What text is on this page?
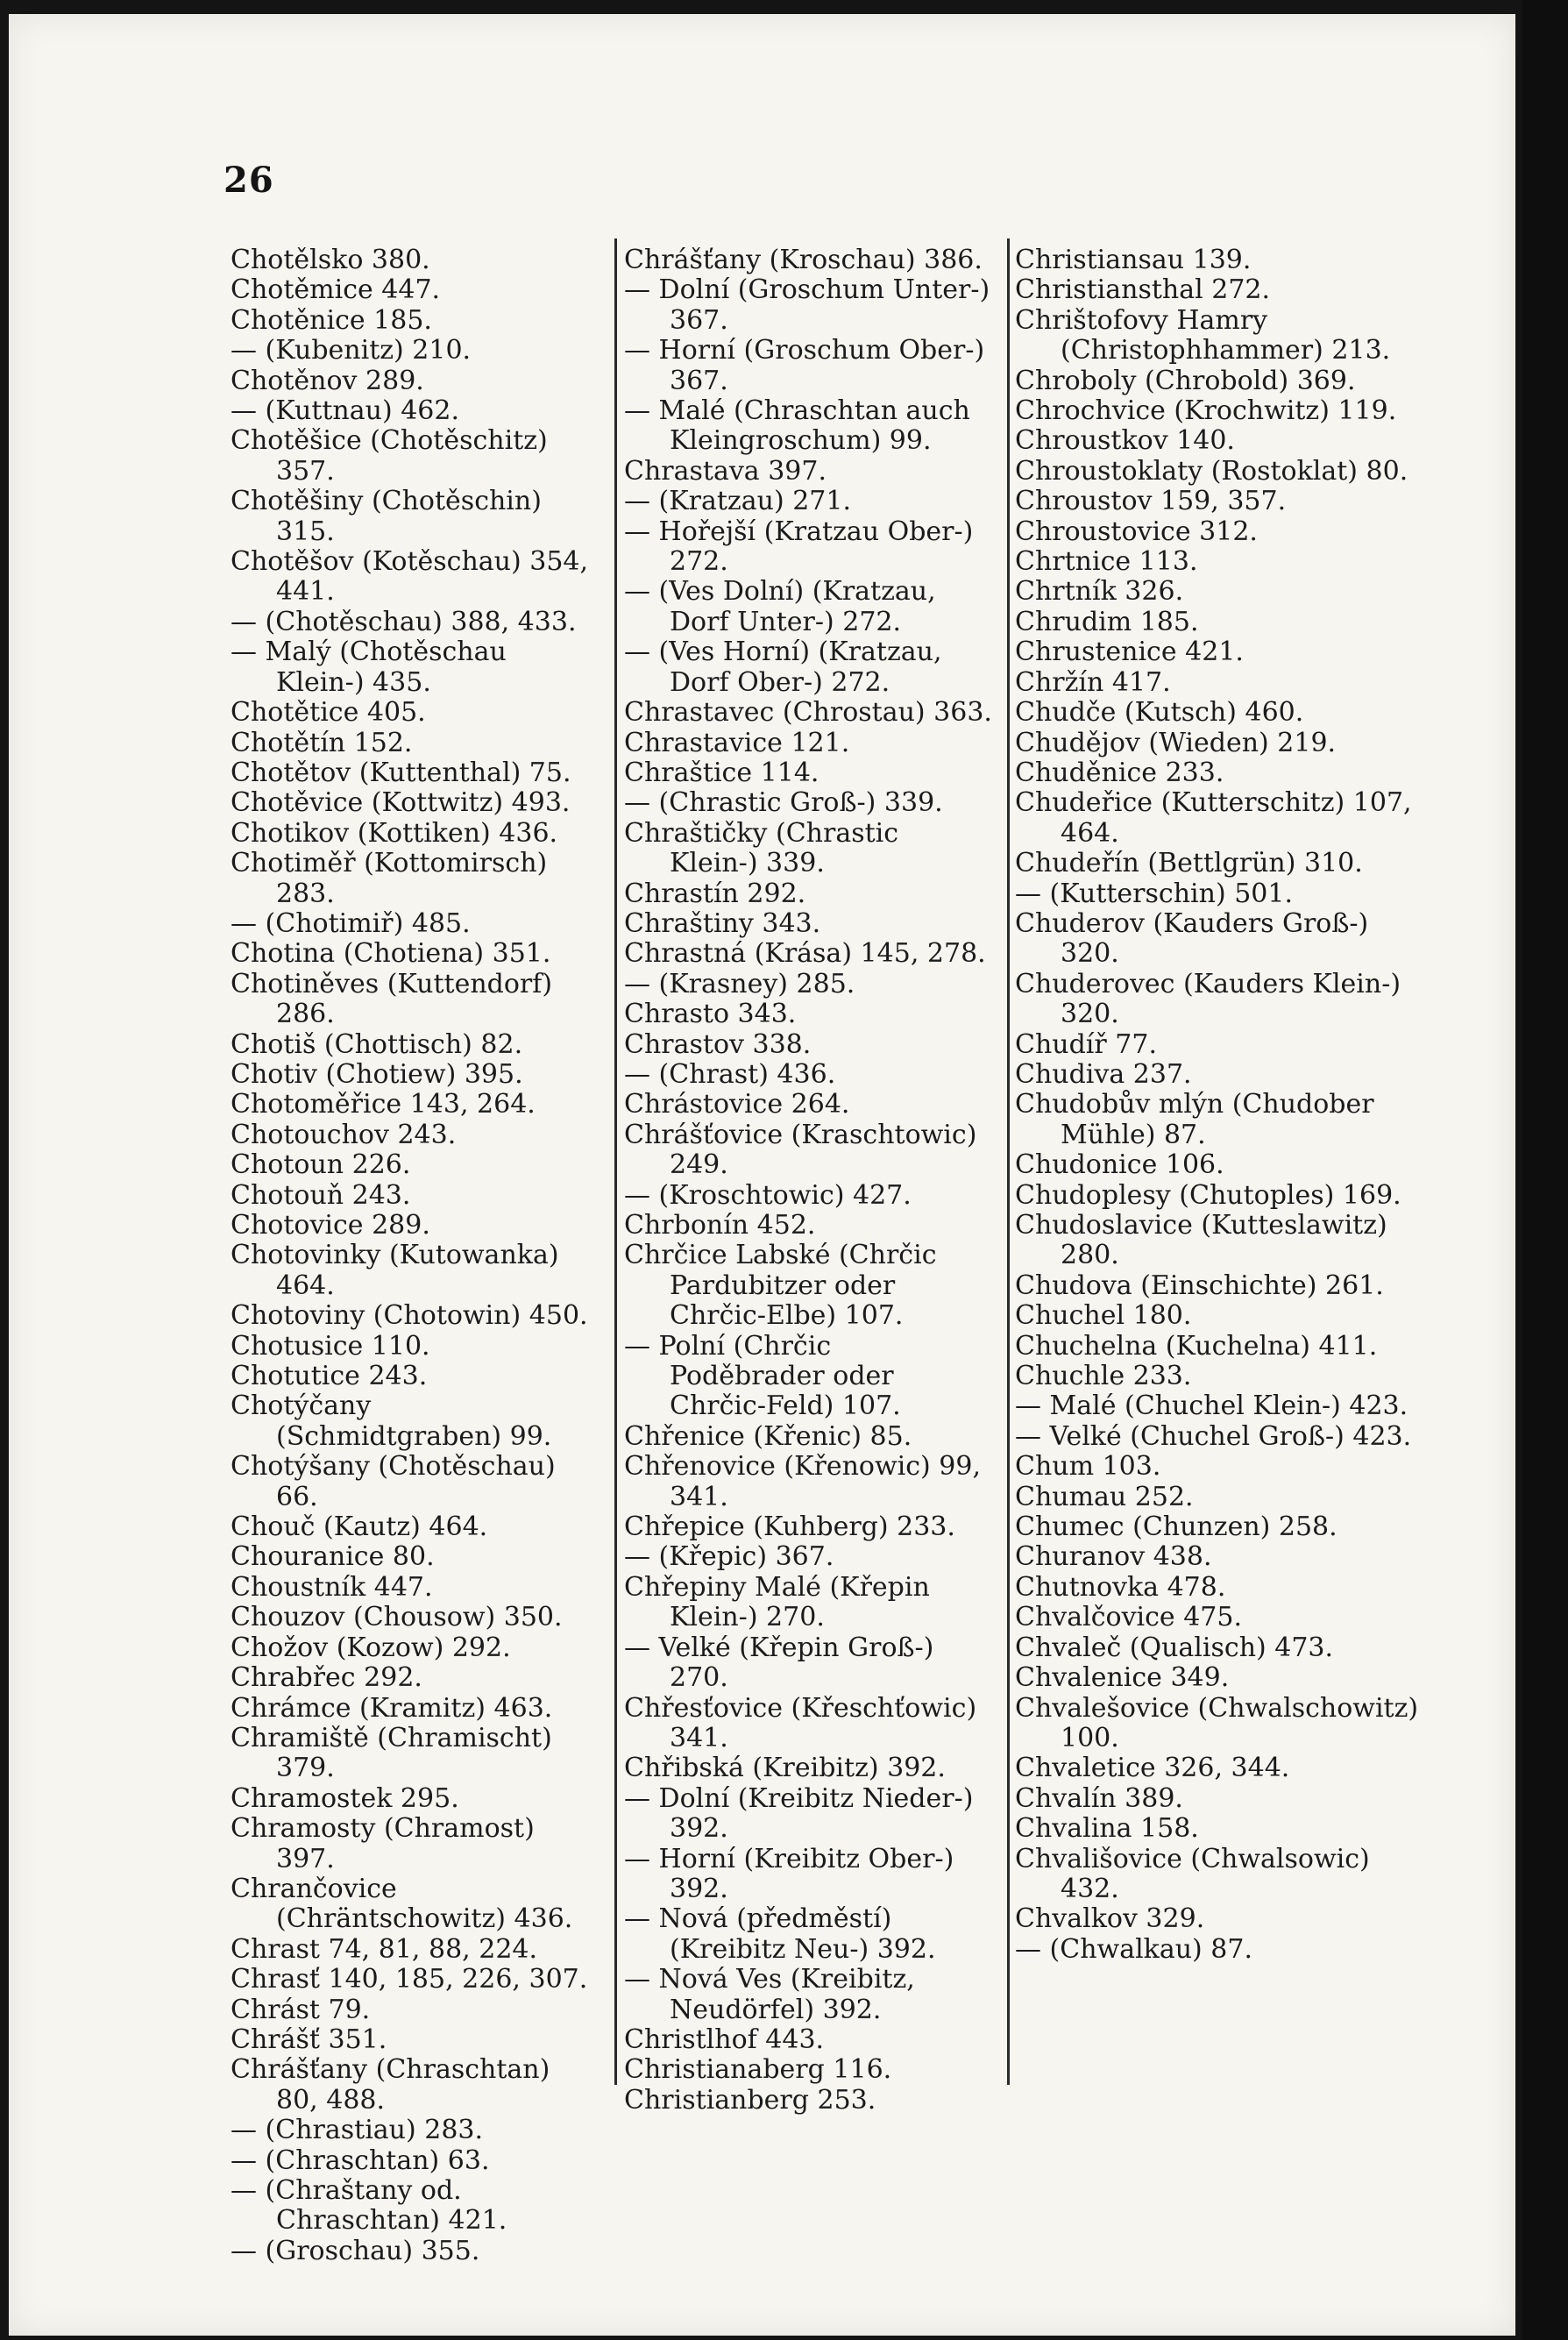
26
Chotělsko 380.
Chotěmice 447.
Chotěnice 185.
— (Kubenitz) 210.
Chotěnov 289.
— (Kuttnau) 462.
Chotěšice (Chotěschitz) 357.
Chotěšiny (Chotěschin) 315.
Chotěšov (Kotěschau) 354, 441.
— (Chotěschau) 388, 433.
— Malý (Chotěschau Klein-) 435.
Chotětice 405.
Chotětín 152.
Chotětov (Kuttenthal) 75.
Chotěvice (Kottwitz) 493.
Chotikov (Kottiken) 436.
Chotiměř (Kottomirsch) 283.
— (Chotimiř) 485.
Chotina (Chotiena) 351.
Chotiněves (Kuttendorf) 286.
Chotiš (Chottisch) 82.
Chotiv (Chotiew) 395.
Chotoměřice 143, 264.
Chotouchov 243.
Chotoun 226.
Chotouň 243.
Chotovice 289.
Chotovinky (Kutowanka) 464.
Chotoviny (Chotowin) 450.
Chotusice 110.
Chotutice 243.
Chotýčany (Schmidtgraben) 99.
Chotýšany (Chotěschau) 66.
Chouč (Kautz) 464.
Chouranice 80.
Choustník 447.
Chouzov (Chousow) 350.
Chožov (Kozow) 292.
Chrabřec 292.
Chrámce (Kramitz) 463.
Chramiště (Chramischt) 379.
Chramostek 295.
Chramosty (Chramost) 397.
Chrančovice (Chräntschowitz) 436.
Chrast 74, 81, 88, 224.
Chrasť 140, 185, 226, 307.
Chrást 79.
Chrášť 351.
Chrášťany (Chraschtan) 80, 488.
— (Chrastiau) 283.
— (Chraschtan) 63.
— (Chraštany od. Chraschtan) 421.
— (Groschau) 355.
Chrášťany (Kroschau) 386.
— Dolní (Groschum Unter-) 367.
— Horní (Groschum Ober-) 367.
— Malé (Chraschtan auch Kleingroschum) 99.
Chrastava 397.
— (Kratzau) 271.
— Hořejší (Kratzau Ober-) 272.
— (Ves Dolní) (Kratzau, Dorf Unter-) 272.
— (Ves Horní) (Kratzau, Dorf Ober-) 272.
Chrastavec (Chrostau) 363.
Chrastavice 121.
Chraštice 114.
— (Chrastic Groß-) 339.
Chraštičky (Chrastic Klein-) 339.
Chrastín 292.
Chraštiny 343.
Chrastná (Krása) 145, 278.
— (Krasney) 285.
Chrasto 343.
Chrastov 338.
— (Chrast) 436.
Chrástovice 264.
Chrášťovice (Kraschtowic) 249.
— (Kroschtowic) 427.
Chrbonín 452.
Chrčice Labské (Chrčic Pardubitzer oder Chrčic-Elbe) 107.
— Polní (Chrčic Poděbrader oder Chrčic-Feld) 107.
Chřenice (Křenic) 85.
Chřenovice (Křenowic) 99, 341.
Chřepice (Kuhberg) 233.
— (Křepic) 367.
Chřepiny Malé (Křepin Klein-) 270.
— Velké (Křepin Groß-) 270.
Chřesťovice (Křeschťowic) 341.
Chřibská (Kreibitz) 392.
— Dolní (Kreibitz Nieder-) 392.
— Horní (Kreibitz Ober-) 392.
— Nová (předměstí) (Kreibitz Neu-) 392.
— Nová Ves (Kreibitz, Neudörfel) 392.
Christlhof 443.
Christianaberg 116.
Christianberg 253.
Christiansau 139.
Christiansthal 272.
Chrištofovy Hamry (Christophhammer) 213.
Chroboly (Chrobold) 369.
Chrochvice (Krochwitz) 119.
Chroustkov 140.
Chroustoklaty (Rostoklat) 80.
Chroustov 159, 357.
Chroustovice 312.
Chrtnice 113.
Chrtník 326.
Chrudim 185.
Chrustenice 421.
Chržín 417.
Chudče (Kutsch) 460.
Chudějov (Wieden) 219.
Chuděnice 233.
Chudeřice (Kutterschitz) 107, 464.
Chudeřín (Bettlgrün) 310.
— (Kutterschin) 501.
Chuderov (Kauders Groß-) 320.
Chuderovec (Kauders Klein-) 320.
Chudíř 77.
Chudiva 237.
Chudobův mlýn (Chudober Mühle) 87.
Chudonice 106.
Chudoplesy (Chutoples) 169.
Chudoslavice (Kutteslawitz) 280.
Chudova (Einschichte) 261.
Chuchel 180.
Chuchelna (Kuchelna) 411.
Chuchle 233.
— Malé (Chuchel Klein-) 423.
— Velké (Chuchel Groß-) 423.
Chum 103.
Chumau 252.
Chumec (Chunzen) 258.
Churanov 438.
Chutnovka 478.
Chvalčovice 475.
Chvaleč (Qualisch) 473.
Chvalenice 349.
Chvalešovice (Chwalschowitz) 100.
Chvaletice 326, 344.
Chvalín 389.
Chvalina 158.
Chvališovice (Chwalsowic) 432.
Chvalkov 329.
— (Chwalkau) 87.
